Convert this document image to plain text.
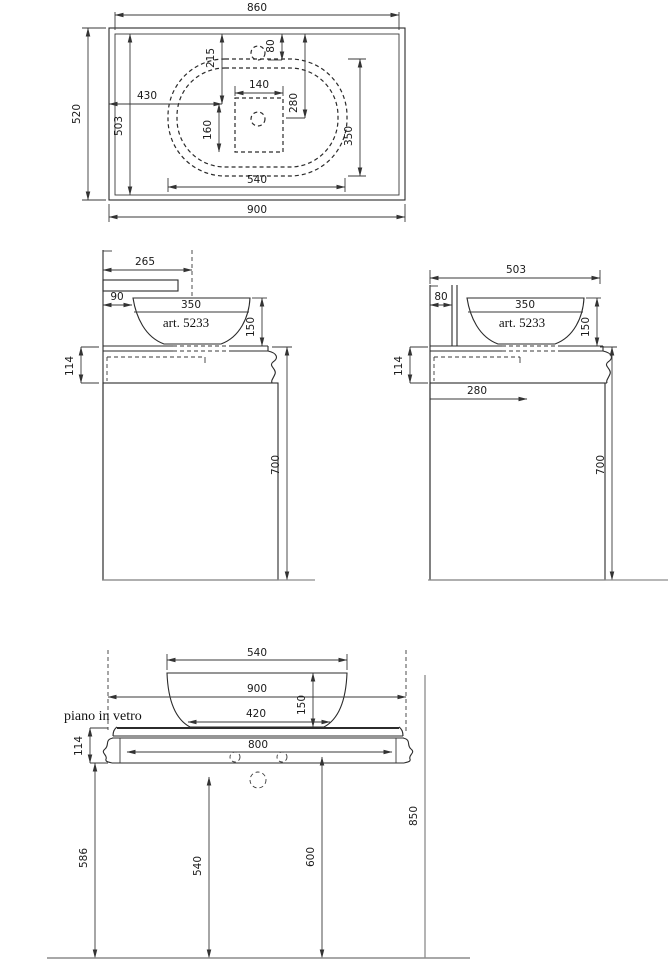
860
900
520
503
430
215
80
280
140
160	350
540
265
90
350
art. 5233	150
114
700
503
80
350
art. 5233	150
114
280
700
540
900
420	150
piano in vetro
800
586	540	600
850
114
